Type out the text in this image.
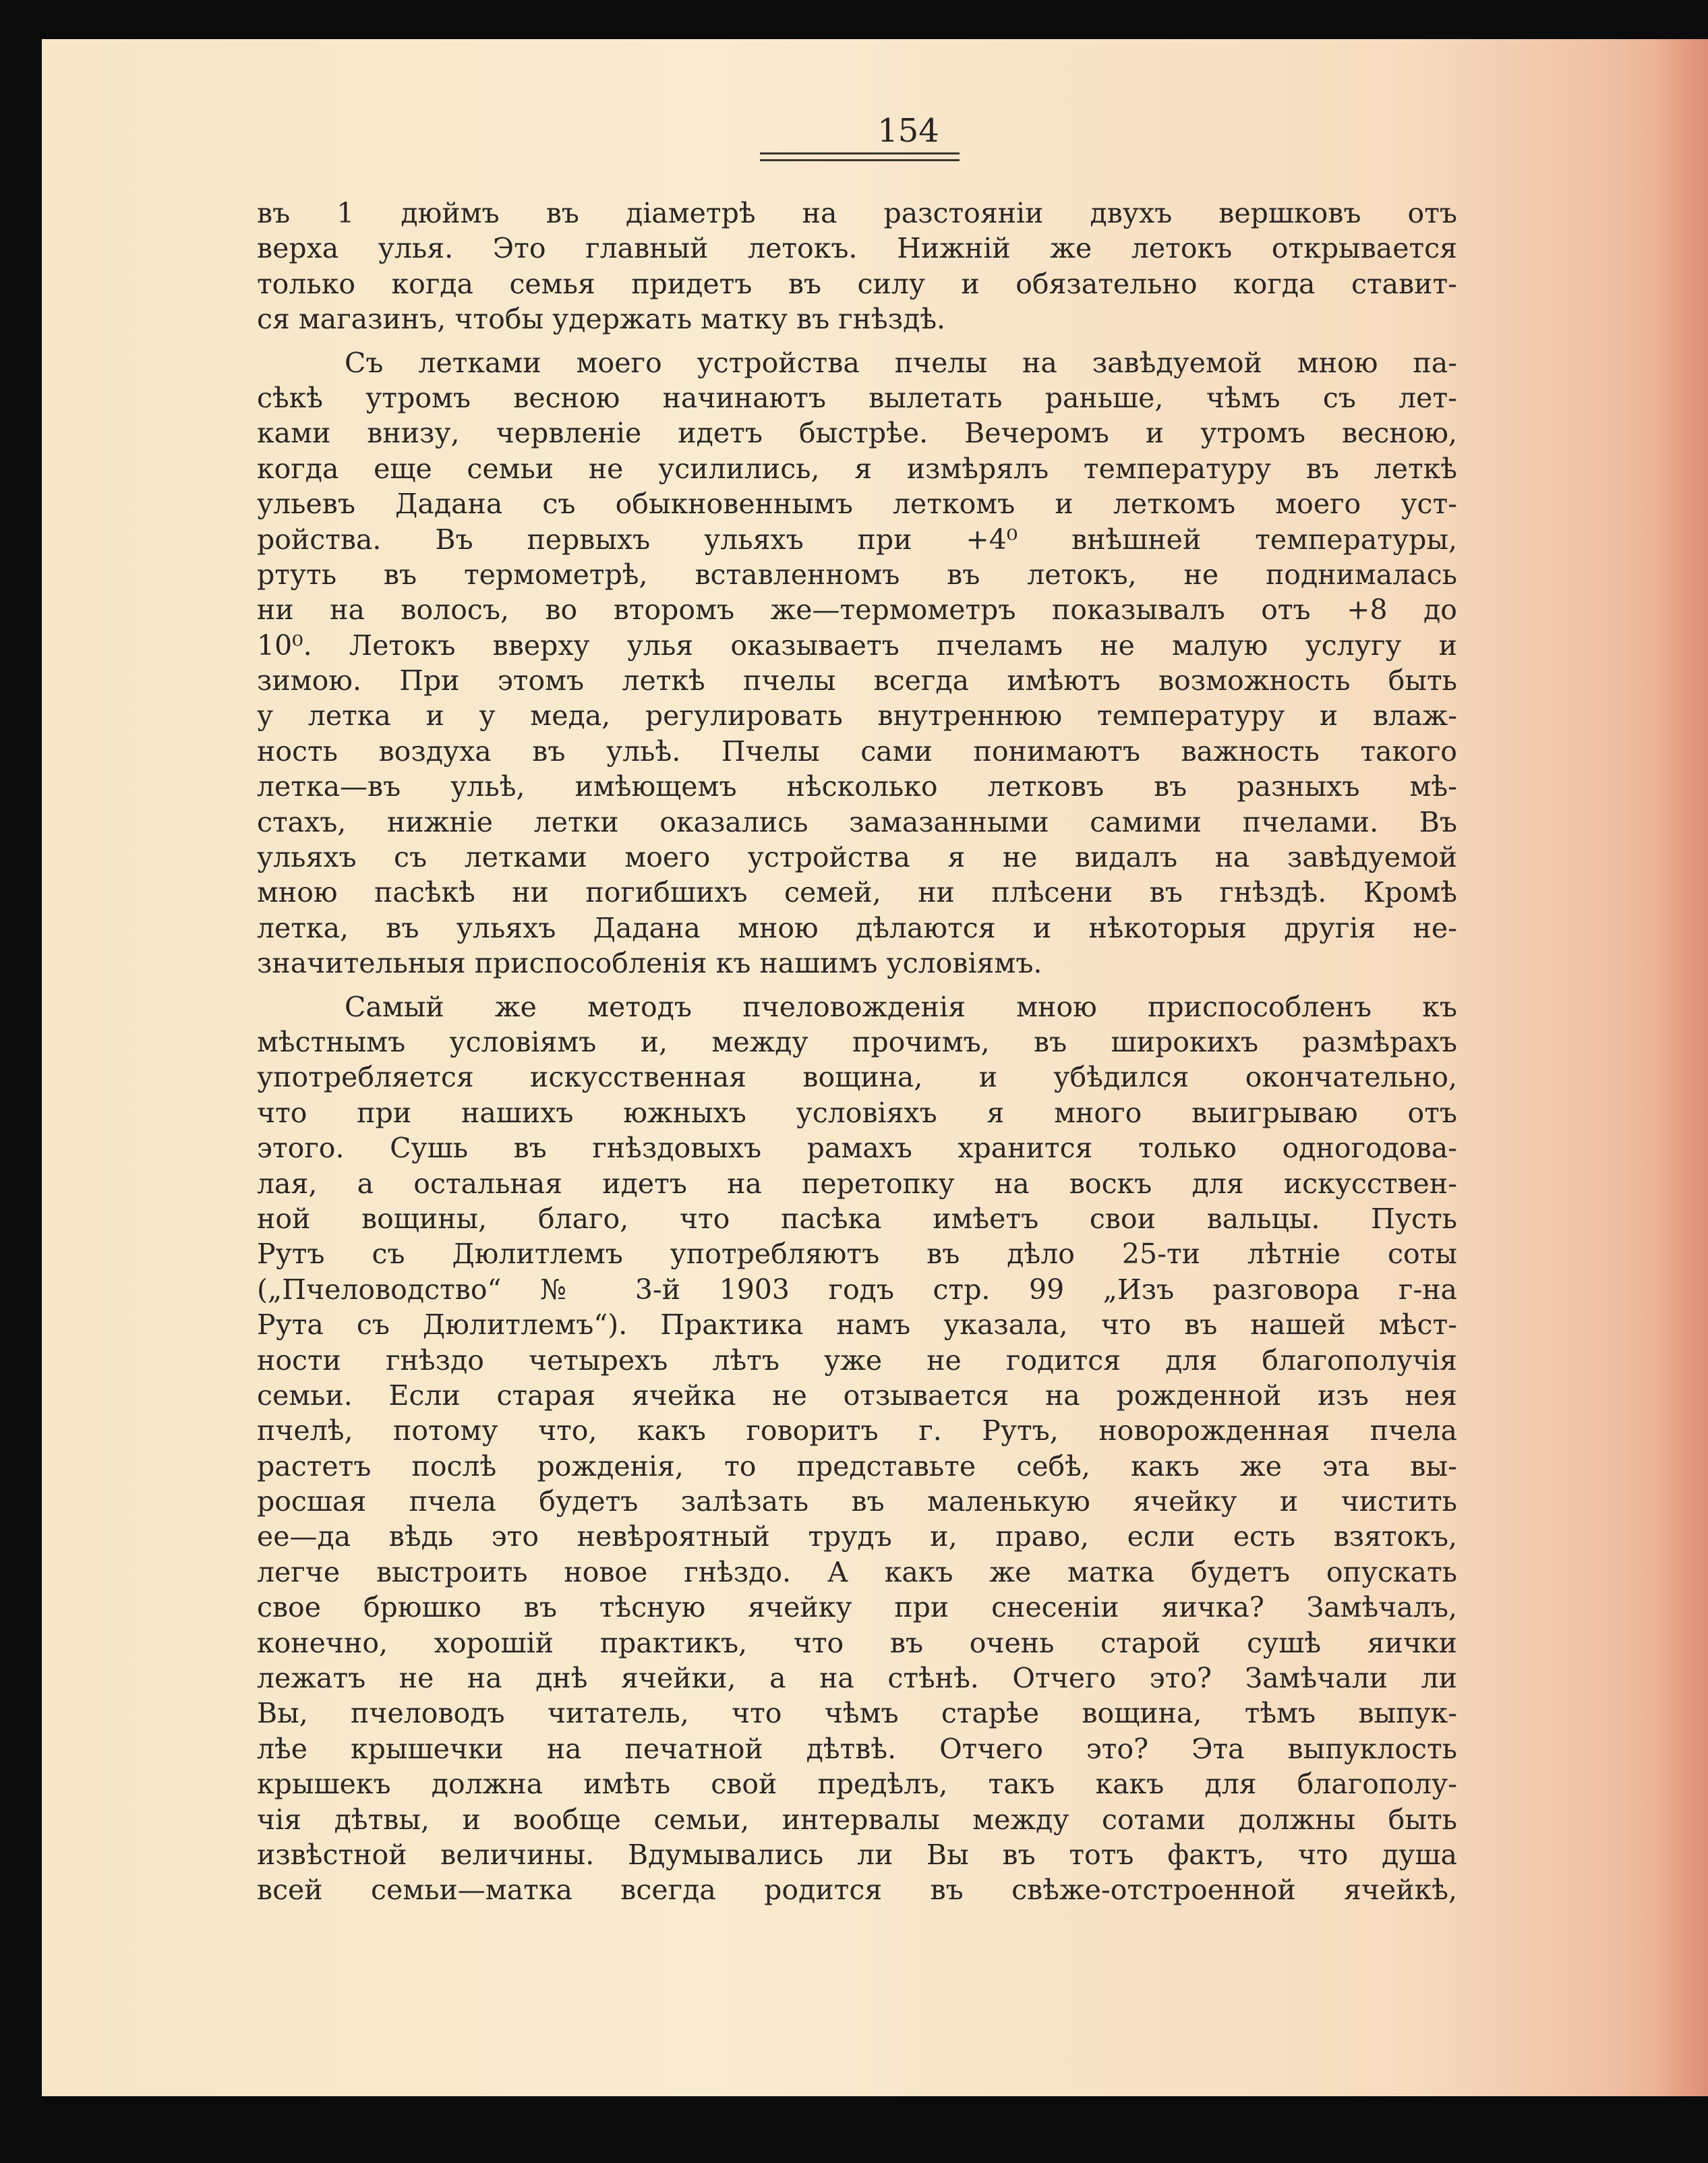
154
въ 1 дюймъ въ діаметрѣ на разстояніи двухъ вершковъ отъ
верха улья. Это главный летокъ. Нижній же летокъ открывается
только когда семья придетъ въ силу и обязательно когда ставит-
ся магазинъ, чтобы удержать матку въ гнѣздѣ.
Съ летками моего устройства пчелы на завѣдуемой мною па-
сѣкѣ утромъ весною начинаютъ вылетать раньше, чѣмъ съ лет-
ками внизу, червленіе идетъ быстрѣе. Вечеромъ и утромъ весною,
когда еще семьи не усилились, я измѣрялъ температуру въ леткѣ
ульевъ Дадана съ обыкновеннымъ леткомъ и леткомъ моего уст-
ройства. Въ первыхъ ульяхъ при +4⁰ внѣшней температуры,
ртуть въ термометрѣ, вставленномъ въ летокъ, не поднималась
ни на волосъ, во второмъ же—термометръ показывалъ отъ +8 до
10⁰. Летокъ вверху улья оказываетъ пчеламъ не малую услугу и
зимою. При этомъ леткѣ пчелы всегда имѣютъ возможность быть
у летка и у меда, регулировать внутреннюю температуру и влаж-
ность воздуха въ ульѣ. Пчелы сами понимаютъ важность такого
летка—въ ульѣ, имѣющемъ нѣсколько летковъ въ разныхъ мѣ-
стахъ, нижніе летки оказались замазанными самими пчелами. Въ
ульяхъ съ летками моего устройства я не видалъ на завѣдуемой
мною пасѣкѣ ни погибшихъ семей, ни плѣсени въ гнѣздѣ. Кромѣ
летка, въ ульяхъ Дадана мною дѣлаются и нѣкоторыя другія не-
значительныя приспособленія къ нашимъ условіямъ.
Самый же методъ пчеловожденія мною приспособленъ къ
мѣстнымъ условіямъ и, между прочимъ, въ широкихъ размѣрахъ
употребляется искусственная вощина, и убѣдился окончательно,
что при нашихъ южныхъ условіяхъ я много выигрываю отъ
этого. Сушь въ гнѣздовыхъ рамахъ хранится только одногодова-
лая, а остальная идетъ на перетопку на воскъ для искусствен-
ной вощины, благо, что пасѣка имѣетъ свои вальцы. Пусть
Рутъ съ Дюлитлемъ употребляютъ въ дѣло 25-ти лѣтніе соты
(„Пчеловодство“ № 3-й 1903 годъ стр. 99 „Изъ разговора г-на
Рута съ Дюлитлемъ“). Практика намъ указала, что въ нашей мѣст-
ности гнѣздо четырехъ лѣтъ уже не годится для благополучія
семьи. Если старая ячейка не отзывается на рожденной изъ нея
пчелѣ, потому что, какъ говоритъ г. Рутъ, новорожденная пчела
растетъ послѣ рожденія, то представьте себѣ, какъ же эта вы-
росшая пчела будетъ залѣзать въ маленькую ячейку и чистить
ее—да вѣдь это невѣроятный трудъ и, право, если есть взятокъ,
легче выстроить новое гнѣздо. А какъ же матка будетъ опускать
свое брюшко въ тѣсную ячейку при снесеніи яичка? Замѣчалъ,
конечно, хорошій практикъ, что въ очень старой сушѣ яички
лежатъ не на днѣ ячейки, а на стѣнѣ. Отчего это? Замѣчали ли
Вы, пчеловодъ читатель, что чѣмъ старѣе вощина, тѣмъ выпук-
лѣе крышечки на печатной дѣтвѣ. Отчего это? Эта выпуклость
крышекъ должна имѣть свой предѣлъ, такъ какъ для благополу-
чія дѣтвы, и вообще семьи, интервалы между сотами должны быть
извѣстной величины. Вдумывались ли Вы въ тотъ фактъ, что душа
всей семьи—матка всегда родится въ свѣже-отстроенной ячейкѣ,
